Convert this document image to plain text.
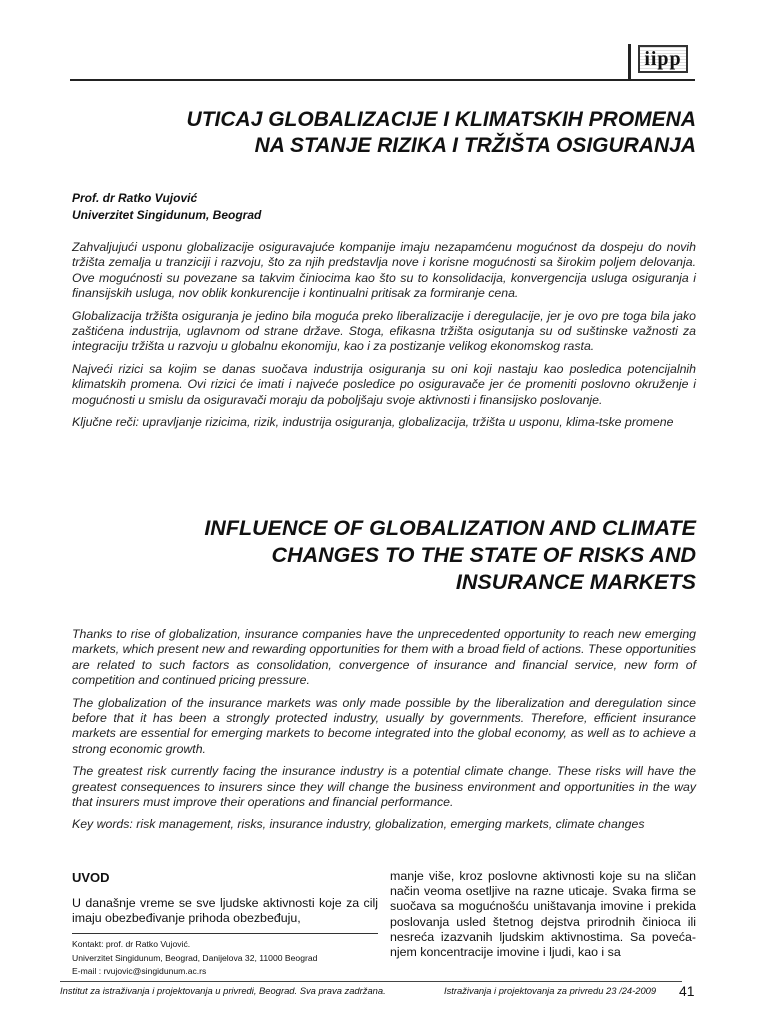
iipp
UTICAJ GLOBALIZACIJE I KLIMATSKIH PROMENA
NA STANJE RIZIKA I TRŽIŠTA OSIGURANJA
Prof. dr Ratko Vujović
Univerzitet Singidunum, Beograd

Zahvaljujući usponu globalizacije osiguravajuće kompanije imaju nezapamćenu mogućnost da dospeju do novih tržišta zemalja u tranziciji i razvoju, što za njih predstavlja nove i korisne mogućnosti sa širokim poljem delovanja. Ove mogućnosti su povezane sa takvim činiocima kao što su to konsolidacija, konvergencija usluga osiguranja i finansijskih usluga, nov oblik konkurencije i kontinualni pritisak za formiranje cena.

Globalizacija tržišta osiguranja je jedino bila moguća preko liberalizacije i deregulacije, jer je ovo pre toga bila jako zaštićena industrija, uglavnom od strane države. Stoga, efikasna tržišta osigutanja su od suštinske važnosti za integraciju tržišta u razvoju u globalnu ekonomiju, kao i za postizanje velikog ekonomskog rasta.

Najveći rizici sa kojim se danas suočava industrija osiguranja su oni koji nastaju kao posledica potencijalnih klimatskih promena. Ovi rizici će imati i najveće posledice po osiguravače jer će promeniti poslovno okruženje i mogućnosti u smislu da osiguravači moraju da poboljšaju svoje aktivnosti i finansijsko poslovanje.

Ključne reči: upravljanje rizicima, rizik, industrija osiguranja, globalizacija, tržišta u usponu, klima-tske promene

INFLUENCE OF GLOBALIZATION AND CLIMATE
CHANGES TO THE STATE OF RISKS AND
INSURANCE MARKETS

Thanks to rise of globalization, insurance companies have the unprecedented opportunity to reach new emerging markets, which present new and rewarding opportunities for them with a broad field of actions. These opportunities are related to such factors as consolidation, convergence of insurance and financial service, new form of competition and continued pricing pressure.

The globalization of the insurance markets was only made possible by the liberalization and deregulation since before that it has been a strongly protected industry, usually by governments. Therefore, efficient insurance markets are essential for emerging markets to become integrated into the global economy, as well as to achieve a strong economic growth.

The greatest risk currently facing the insurance industry is a potential climate change. These risks will have the greatest consequences to insurers since they will change the business environment and opportunities in the way that insurers must improve their operations and financial performance.

Key words: risk management, risks, insurance industry, globalization, emerging markets, climate changes

UVOD

U današnje vreme se sve ljudske aktivnosti koje za cilj imaju obezbeđivanje prihoda obezbeđuju,

Kontakt: prof. dr Ratko Vujović.
Univerzitet Singidunum, Beograd, Danijelova 32, 11000 Beograd
E-mail : rvujovic@singidunum.ac.rs

manje više, kroz poslovne aktivnosti koje su na sličan način veoma osetljive na razne uticaje. Svaka firma se suočava sa mogućnošću uništavanja imovine i prekida poslovanja usled štetnog dejstva prirodnih činioca ili nesreća izazvanih ljudskim aktivnostima. Sa poveća-njem koncentracije imovine i ljudi, kao i sa

Institut za istraživanja i projektovanja u privredi, Beograd. Sva prava zadržana.	Istraživanja i projektovanja za privredu 23 /24-2009 41
